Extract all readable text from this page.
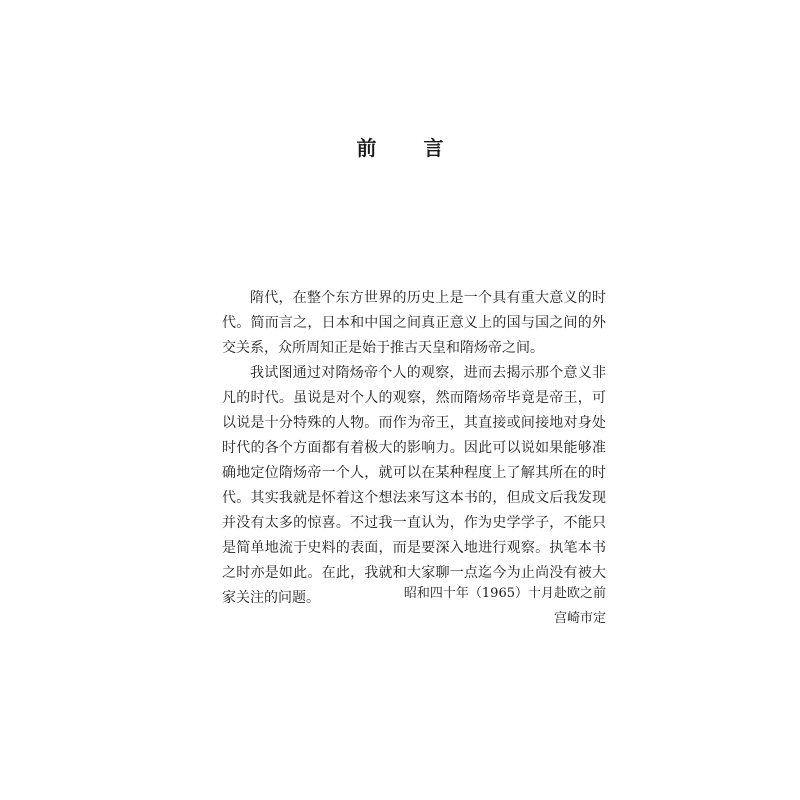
前 言

隋代，在整个东方世界的历史上是一个具有重大意义的时代。简而言之，日本和中国之间真正意义上的国与国之间的外交关系，众所周知正是始于推古天皇和隋炀帝之间。

我试图通过对隋炀帝个人的观察，进而去揭示那个意义非凡的时代。虽说是对个人的观察，然而隋炀帝毕竟是帝王，可以说是十分特殊的人物。而作为帝王，其直接或间接地对身处时代的各个方面都有着极大的影响力。因此可以说如果能够准确地定位隋炀帝一个人，就可以在某种程度上了解其所在的时代。其实我就是怀着这个想法来写这本书的，但成文后我发现并没有太多的惊喜。不过我一直认为，作为史学学子，不能只是简单地流于史料的表面，而是要深入地进行观察。执笔本书之时亦是如此。在此，我就和大家聊一点迄今为止尚没有被大家关注的问题。	昭和四十年（1965）十月赴欧之前
宫崎市定
